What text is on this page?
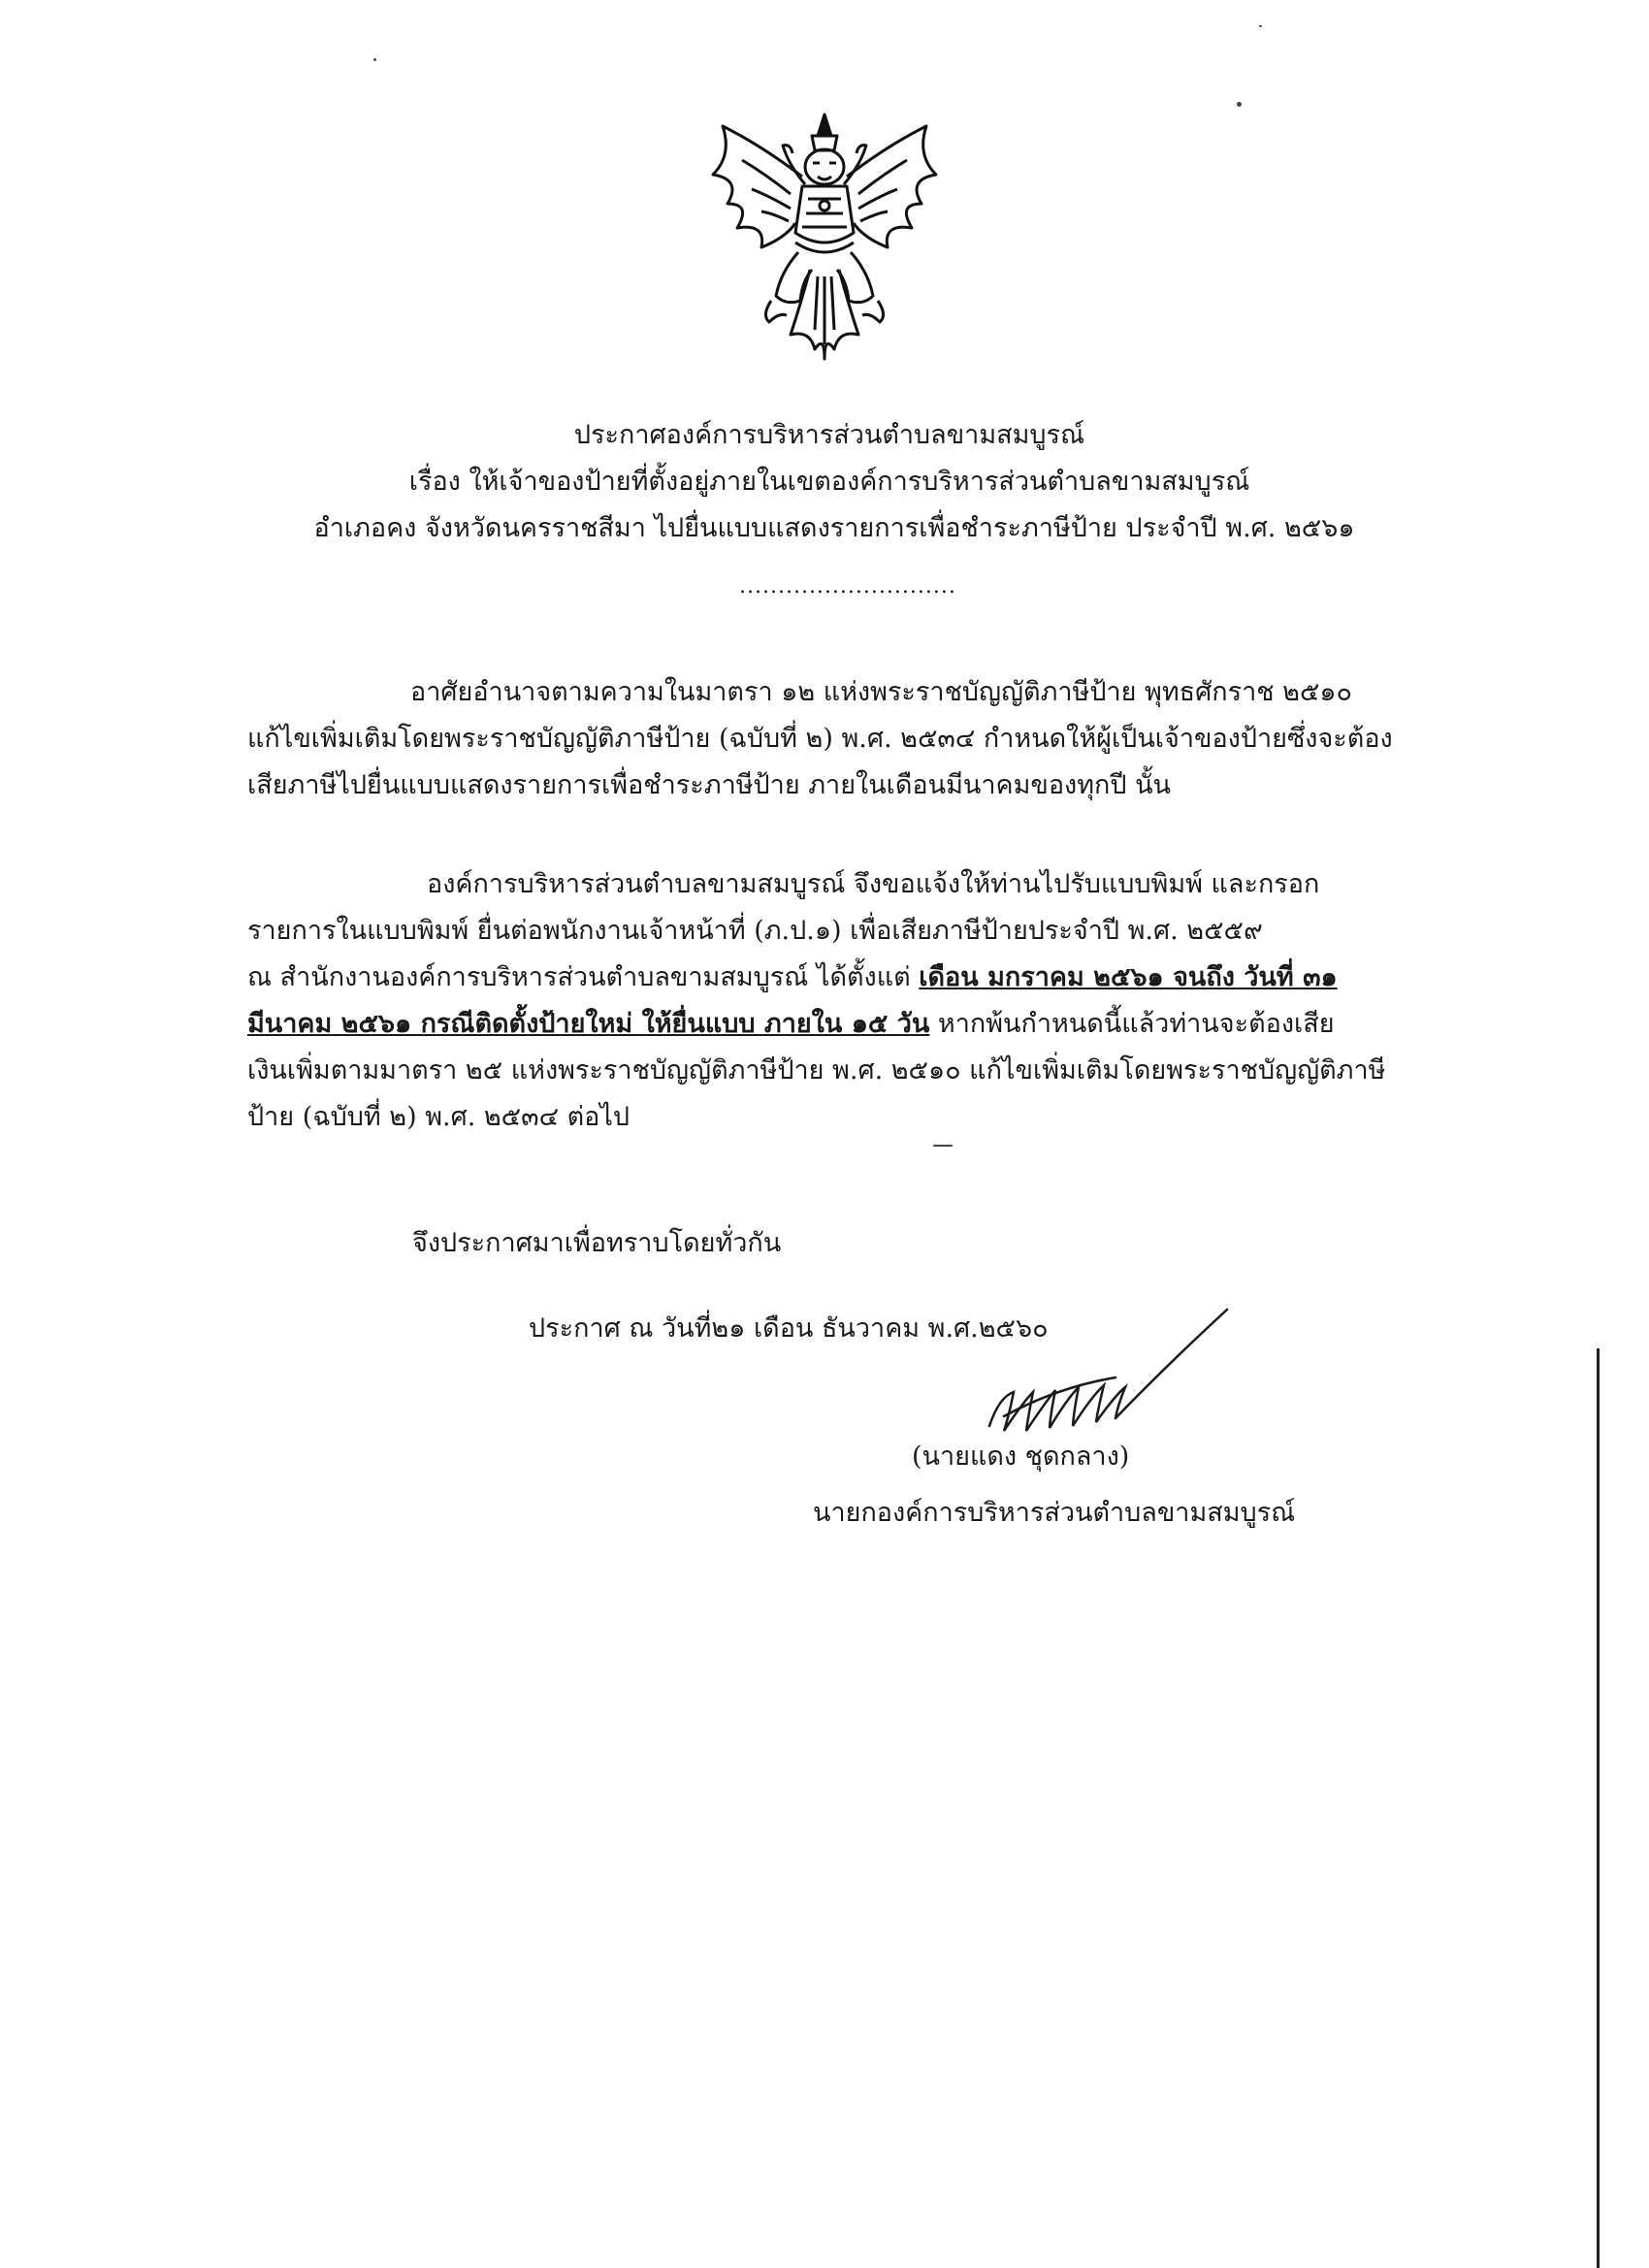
ประกาศองค์การบริหารส่วนตำบลขามสมบูรณ์
เรื่อง ให้เจ้าของป้ายที่ตั้งอยู่ภายในเขตองค์การบริหารส่วนตำบลขามสมบูรณ์
อำเภอคง จังหวัดนครราชสีมา ไปยื่นแบบแสดงรายการเพื่อชำระภาษีป้าย ประจำปี พ.ศ. ๒๕๖๑
............................
อาศัยอำนาจตามความในมาตรา ๑๒ แห่งพระราชบัญญัติภาษีป้าย พุทธศักราช ๒๕๑๐
แก้ไขเพิ่มเติมโดยพระราชบัญญัติภาษีป้าย (ฉบับที่ ๒) พ.ศ. ๒๕๓๔ กำหนดให้ผู้เป็นเจ้าของป้ายซึ่งจะต้อง
เสียภาษีไปยื่นแบบแสดงรายการเพื่อชำระภาษีป้าย ภายในเดือนมีนาคมของทุกปี นั้น
องค์การบริหารส่วนตำบลขามสมบูรณ์ จึงขอแจ้งให้ท่านไปรับแบบพิมพ์ และกรอก
รายการในแบบพิมพ์ ยื่นต่อพนักงานเจ้าหน้าที่ (ภ.ป.๑) เพื่อเสียภาษีป้ายประจำปี พ.ศ. ๒๕๕๙
ณ สำนักงานองค์การบริหารส่วนตำบลขามสมบูรณ์ ได้ตั้งแต่ เดือน มกราคม ๒๕๖๑ จนถึง วันที่ ๓๑
มีนาคม ๒๕๖๑ กรณีติดตั้งป้ายใหม่ ให้ยื่นแบบ ภายใน ๑๕ วัน หากพ้นกำหนดนี้แล้วท่านจะต้องเสีย
เงินเพิ่มตามมาตรา ๒๕ แห่งพระราชบัญญัติภาษีป้าย พ.ศ. ๒๕๑๐ แก้ไขเพิ่มเติมโดยพระราชบัญญัติภาษี
ป้าย (ฉบับที่ ๒) พ.ศ. ๒๕๓๔ ต่อไป
จึงประกาศมาเพื่อทราบโดยทั่วกัน
ประกาศ ณ วันที่๒๑ เดือน ธันวาคม พ.ศ.๒๕๖๐
(นายแดง ชุดกลาง)
นายกองค์การบริหารส่วนตำบลขามสมบูรณ์
